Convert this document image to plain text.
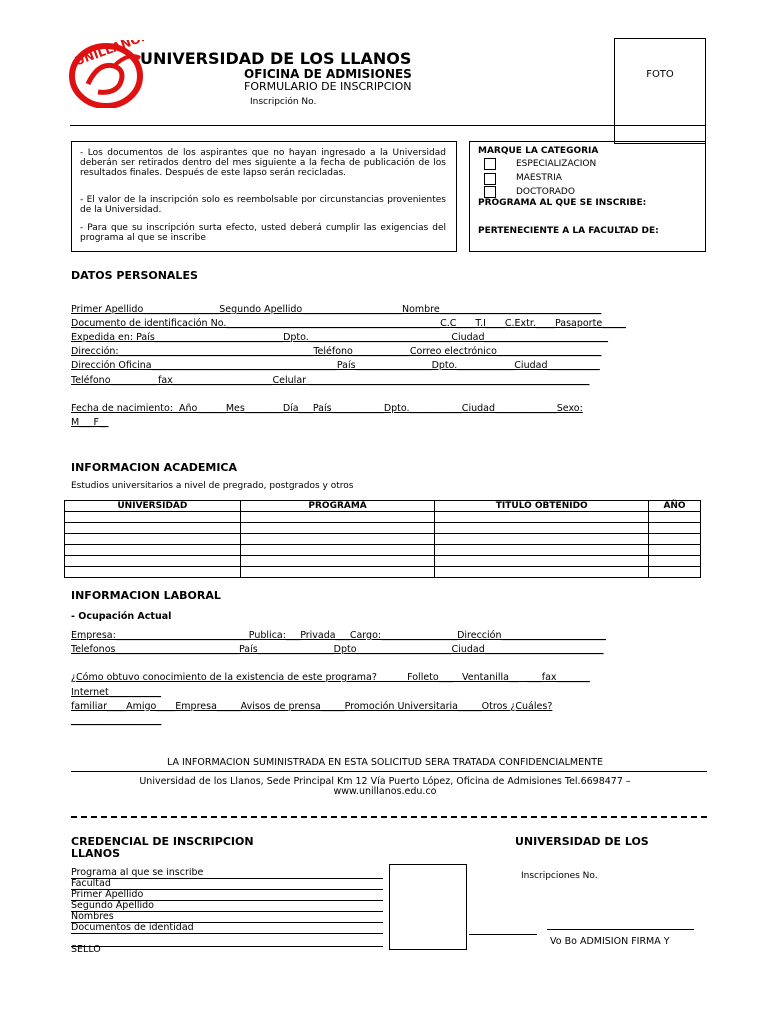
UNILLANOS
UNIVERSIDAD DE LOS LLANOS
OFICINA DE ADMISIONES
FORMULARIO DE INSCRIPCION
Inscripción No.
FOTO
- Los documentos de los aspirantes que no hayan ingresado a la Universidad deberán ser retirados dentro del mes siguiente a la fecha de publicación de los resultados finales. Después de este lapso serán recicladas.
- El valor de la inscripción solo es reembolsable por circunstancias provenientes de la Universidad.
- Para que su inscripción surta efecto, usted deberá cumplir las exigencias del programa al que se inscribe
MARQUE LA CATEGORIA
ESPECIALIZACION
MAESTRIA
DOCTORADO
PROGRAMA AL QUE SE INSCRIBE:
PERTENECIENTE A LA FACULTAD DE:
DATOS PERSONALES
Primer Apellido________________Segundo Apellido_____________________Nombre__________________________________
Documento de identificación No._____________________________________________C.C____T.I____C.Extr.____Pasaporte_____
Expedida en: País___________________________Dpto.______________________________Ciudad__________________________
Dirección:_________________________________________Teléfono____________Correo electrónico______________________
Dirección Oficina_______________________________________País________________Dpto.____________Ciudad___________
Teléfono__________fax_____________________Celular ___________________________________________________________
Fecha de nacimiento:  Año______Mes________Día___País___________Dpto.___________Ciudad_____________Sexo:
M___F__
INFORMACION ACADEMICA
Estudios universitarios a nivel de pregrado, postgrados y otros
UNIVERSIDAD	PROGRAMA	TITULO OBTENIDO	AÑO

INFORMACION LABORAL
- Ocupación Actual
Empresa:____________________________Publica:___Privada___Cargo:________________Dirección______________________
Telefonos__________________________País________________Dpto____________________Ciudad_________________________
¿Cómo obtuvo conocimiento de la existencia de este programa?          Folleto___   Ventanilla__   ___fax_______
Internet___________
familiar____Amigo____Empresa_____Avisos de prensa_____Promoción Universitaria_____Otros ¿Cuáles?
___________________
LA INFORMACION SUMINISTRADA EN ESTA SOLICITUD SERA TRATADA CONFIDENCIALMENTE
Universidad de los Llanos, Sede Principal Km 12 Vía Puerto López, Oficina de Admisiones Tel.6698477 –
www.unillanos.edu.co
CREDENCIAL DE INSCRIPCION
LLANOS
UNIVERSIDAD DE LOS
Programa al que se inscribe
Facultad
Primer Apellido
Segundo Apellido
Nombres
Documentos de identidad
SELLO
Inscripciones No.
Vo Bo ADMISION FIRMA Y
